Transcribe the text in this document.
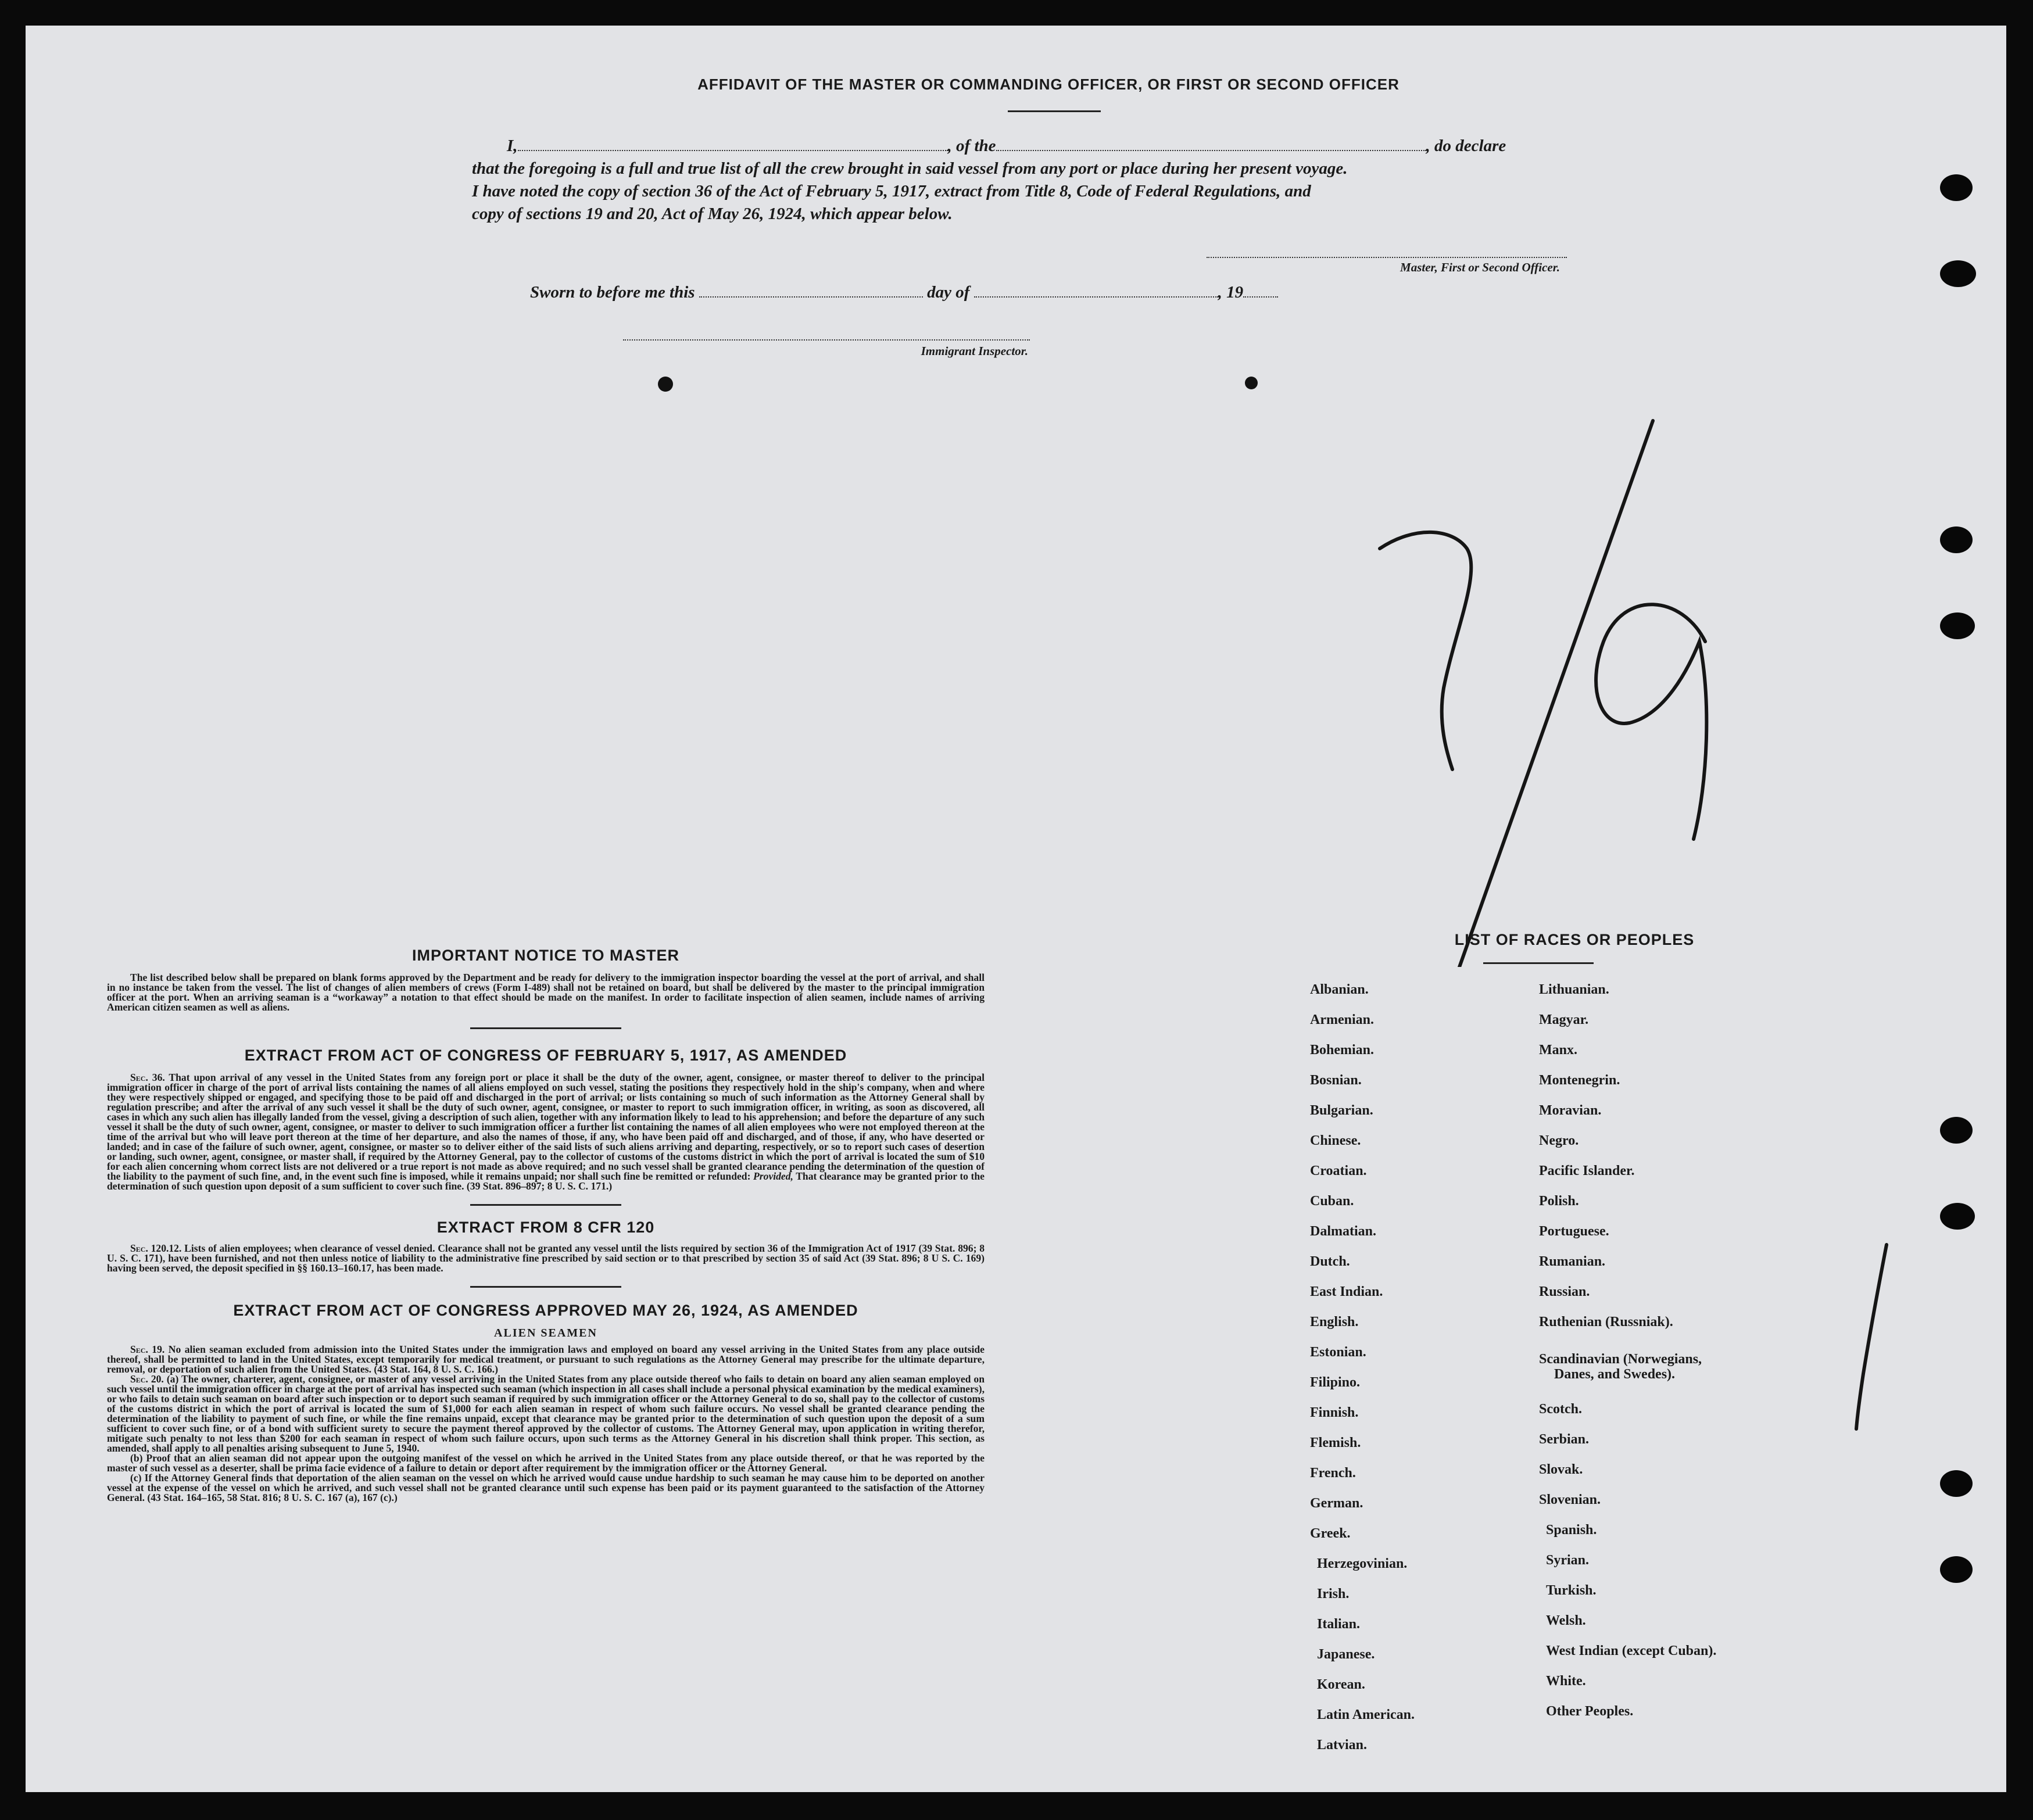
AFFIDAVIT OF THE MASTER OR COMMANDING OFFICER, OR FIRST OR SECOND OFFICER
I,	, of the	, do declare
that the foregoing is a full and true list of all the crew brought in said vessel from any port or place during her present voyage.
I have noted the copy of section 36 of the Act of February 5, 1917, extract from Title 8, Code of Federal Regulations, and
copy of sections 19 and 20, Act of May 26, 1924, which appear below.
Master, First or Second Officer.
Sworn to before me this	day of	, 19
Immigrant Inspector.
IMPORTANT NOTICE TO MASTER
The list described below shall be prepared on blank forms approved by the Department and be ready for delivery to the immigration inspector boarding the vessel at the port of arrival, and shall in no instance be taken from the vessel. The list of changes of alien members of crews (Form I-489) shall not be retained on board, but shall be delivered by the master to the principal immigration officer at the port. When an arriving seaman is a “workaway” a notation to that effect should be made on the manifest. In order to facilitate inspection of alien seamen, include names of arriving American citizen seamen as well as aliens.
EXTRACT FROM ACT OF CONGRESS OF FEBRUARY 5, 1917, AS AMENDED
Sec. 36. That upon arrival of any vessel in the United States from any foreign port or place it shall be the duty of the owner, agent, consignee, or master thereof to deliver to the principal immigration officer in charge of the port of arrival lists containing the names of all aliens employed on such vessel, stating the positions they respectively hold in the ship's company, when and where they were respectively shipped or engaged, and specifying those to be paid off and discharged in the port of arrival; or lists containing so much of such information as the Attorney General shall by regulation prescribe; and after the arrival of any such vessel it shall be the duty of such owner, agent, consignee, or master to report to such immigration officer, in writing, as soon as discovered, all cases in which any such alien has illegally landed from the vessel, giving a description of such alien, together with any information likely to lead to his apprehension; and before the departure of any such vessel it shall be the duty of such owner, agent, consignee, or master to deliver to such immigration officer a further list containing the names of all alien employees who were not employed thereon at the time of the arrival but who will leave port thereon at the time of her departure, and also the names of those, if any, who have been paid off and discharged, and of those, if any, who have deserted or landed; and in case of the failure of such owner, agent, consignee, or master so to deliver either of the said lists of such aliens arriving and departing, respectively, or so to report such cases of desertion or landing, such owner, agent, consignee, or master shall, if required by the Attorney General, pay to the collector of customs of the customs district in which the port of arrival is located the sum of $10 for each alien concerning whom correct lists are not delivered or a true report is not made as above required; and no such vessel shall be granted clearance pending the determination of the question of the liability to the payment of such fine, and, in the event such fine is imposed, while it remains unpaid; nor shall such fine be remitted or refunded: Provided, That clearance may be granted prior to the determination of such question upon deposit of a sum sufficient to cover such fine. (39 Stat. 896–897; 8 U. S. C. 171.)
EXTRACT FROM 8 CFR 120
Sec. 120.12. Lists of alien employees; when clearance of vessel denied. Clearance shall not be granted any vessel until the lists required by section 36 of the Immigration Act of 1917 (39 Stat. 896; 8 U. S. C. 171), have been furnished, and not then unless notice of liability to the administrative fine prescribed by said section or to that prescribed by section 35 of said Act (39 Stat. 896; 8 U S. C. 169) having been served, the deposit specified in §§ 160.13–160.17, has been made.
EXTRACT FROM ACT OF CONGRESS APPROVED MAY 26, 1924, AS AMENDED
ALIEN SEAMEN
Sec. 19. No alien seaman excluded from admission into the United States under the immigration laws and employed on board any vessel arriving in the United States from any place outside thereof, shall be permitted to land in the United States, except temporarily for medical treatment, or pursuant to such regulations as the Attorney General may prescribe for the ultimate departure, removal, or deportation of such alien from the United States. (43 Stat. 164, 8 U. S. C. 166.)
Sec. 20. (a) The owner, charterer, agent, consignee, or master of any vessel arriving in the United States from any place outside thereof who fails to detain on board any alien seaman employed on such vessel until the immigration officer in charge at the port of arrival has inspected such seaman (which inspection in all cases shall include a personal physical examination by the medical examiners), or who fails to detain such seaman on board after such inspection or to deport such seaman if required by such immigration officer or the Attorney General to do so, shall pay to the collector of customs of the customs district in which the port of arrival is located the sum of $1,000 for each alien seaman in respect of whom such failure occurs. No vessel shall be granted clearance pending the determination of the liability to payment of such fine, or while the fine remains unpaid, except that clearance may be granted prior to the determination of such question upon the deposit of a sum sufficient to cover such fine, or of a bond with sufficient surety to secure the payment thereof approved by the collector of customs. The Attorney General may, upon application in writing therefor, mitigate such penalty to not less than $200 for each seaman in respect of whom such failure occurs, upon such terms as the Attorney General in his discretion shall think proper. This section, as amended, shall apply to all penalties arising subsequent to June 5, 1940.
(b) Proof that an alien seaman did not appear upon the outgoing manifest of the vessel on which he arrived in the United States from any place outside thereof, or that he was reported by the master of such vessel as a deserter, shall be prima facie evidence of a failure to detain or deport after requirement by the immigration officer or the Attorney General.
(c) If the Attorney General finds that deportation of the alien seaman on the vessel on which he arrived would cause undue hardship to such seaman he may cause him to be deported on another vessel at the expense of the vessel on which he arrived, and such vessel shall not be granted clearance until such expense has been paid or its payment guaranteed to the satisfaction of the Attorney General. (43 Stat. 164–165, 58 Stat. 816; 8 U. S. C. 167 (a), 167 (c).)
LIST OF RACES OR PEOPLES
Albanian.
Armenian.
Bohemian.
Bosnian.
Bulgarian.
Chinese.
Croatian.
Cuban.
Dalmatian.
Dutch.
East Indian.
English.
Estonian.
Filipino.
Finnish.
Flemish.
French.
German.
Greek.
Herzegovinian.
Irish.
Italian.
Japanese.
Korean.
Latin American.
Latvian.
Lithuanian.
Magyar.
Manx.
Montenegrin.
Moravian.
Negro.
Pacific Islander.
Polish.
Portuguese.
Rumanian.
Russian.
Ruthenian (Russniak).
Scandinavian (Norwegians,
Danes, and Swedes).
Scotch.
Serbian.
Slovak.
Slovenian.
Spanish.
Syrian.
Turkish.
Welsh.
West Indian (except Cuban).
White.
Other Peoples.
